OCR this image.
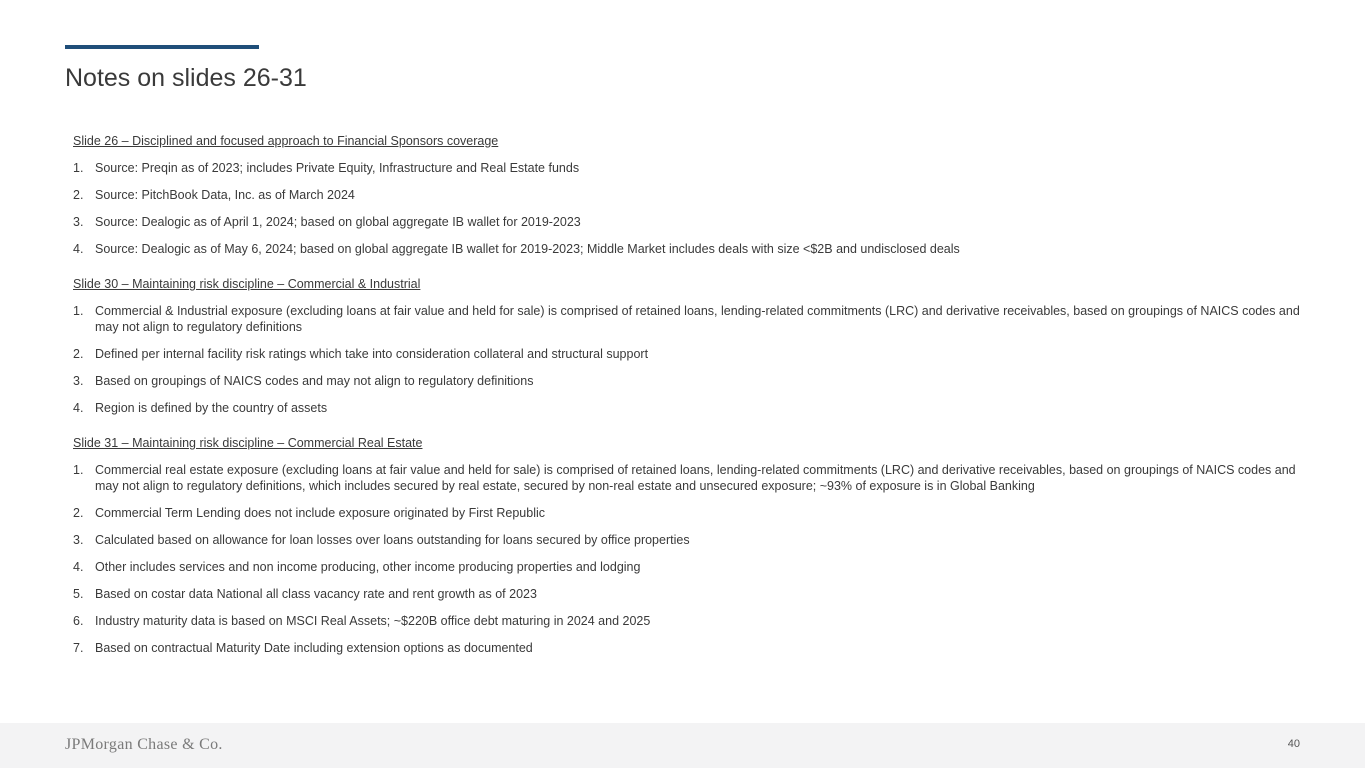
Notes on slides 26-31

Slide 26 – Disciplined and focused approach to Financial Sponsors coverage

1. Source: Preqin as of 2023; includes Private Equity, Infrastructure and Real Estate funds
2. Source: PitchBook Data, Inc. as of March 2024
3. Source: Dealogic as of April 1, 2024; based on global aggregate IB wallet for 2019-2023
4. Source: Dealogic as of May 6, 2024; based on global aggregate IB wallet for 2019-2023; Middle Market includes deals with size <$2B and undisclosed deals

Slide 30 – Maintaining risk discipline – Commercial & Industrial

1. Commercial & Industrial exposure (excluding loans at fair value and held for sale) is comprised of retained loans, lending-related commitments (LRC) and derivative receivables, based on groupings of NAICS codes and may not align to regulatory definitions
2. Defined per internal facility risk ratings which take into consideration collateral and structural support
3. Based on groupings of NAICS codes and may not align to regulatory definitions
4. Region is defined by the country of assets

Slide 31 – Maintaining risk discipline – Commercial Real Estate

1. Commercial real estate exposure (excluding loans at fair value and held for sale) is comprised of retained loans, lending-related commitments (LRC) and derivative receivables, based on groupings of NAICS codes and may not align to regulatory definitions, which includes secured by real estate, secured by non-real estate and unsecured exposure; ~93% of exposure is in Global Banking
2. Commercial Term Lending does not include exposure originated by First Republic
3. Calculated based on allowance for loan losses over loans outstanding for loans secured by office properties
4. Other includes services and non income producing, other income producing properties and lodging
5. Based on costar data National all class vacancy rate and rent growth as of 2023
6. Industry maturity data is based on MSCI Real Assets; ~$220B office debt maturing in 2024 and 2025
7. Based on contractual Maturity Date including extension options as documented
JPMorgan Chase & Co.	40
